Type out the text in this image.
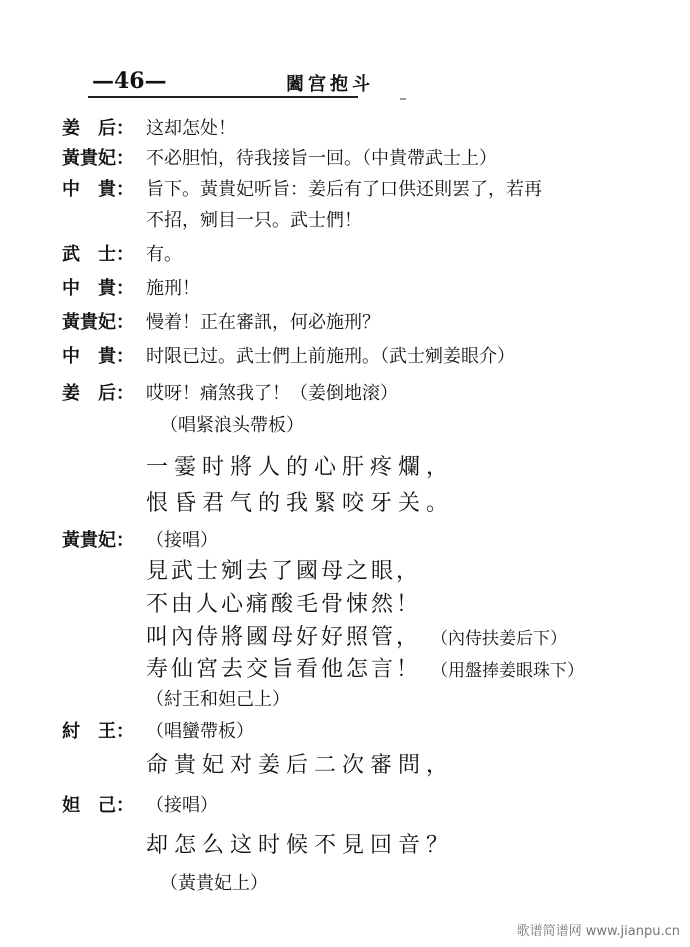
—46—	闔宫抱斗
姜　后： 这却怎处！
黃貴妃： 不必胆怕，待我接旨一回。（中貴帶武士上）
中　貴： 旨下。黃貴妃听旨：姜后有了口供还則罢了，若再
不招，剜目一只。武士們！
武　士： 有。
中　貴： 施刑！
黃貴妃： 慢着！正在審訊，何必施刑？
中　貴： 时限已过。武士們上前施刑。（武士剜姜眼介）
姜　后： 哎呀！痛煞我了！（姜倒地滚）
（唱紧浪头帶板）
一霎时將人的心肝疼爛，
恨昏君气的我緊咬牙关。
黃貴妃： （接唱）
見武士剜去了國母之眼，
不由人心痛酸毛骨悚然！
叫內侍將國母好好照管， （內侍扶姜后下）
寿仙宮去交旨看他怎言！ （用盤捧姜眼珠下）
（紂王和妲己上）
紂　王： （唱蠻帶板）
命貴妃对姜后二次審問，
妲　己： （接唱）
却怎么这时候不見回音？
（黃貴妃上）
歌谱简谱网 www.jianpu.cn
